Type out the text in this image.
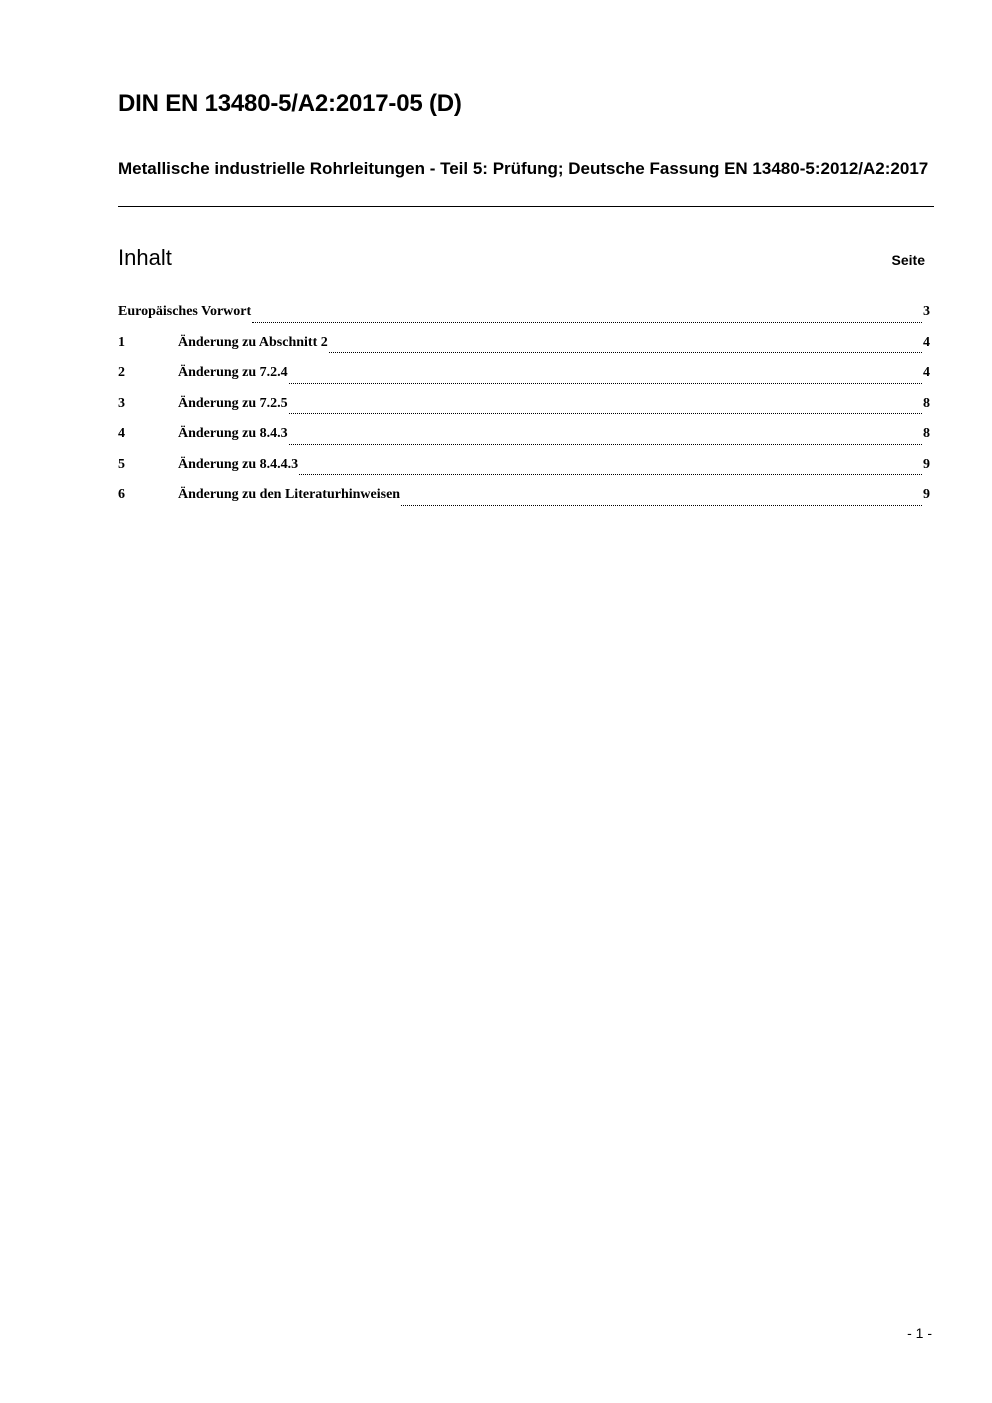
DIN EN 13480-5/A2:2017-05 (D)

Metallische industrielle Rohrleitungen - Teil 5: Prüfung; Deutsche Fassung EN 13480-5:2012/A2:2017

Inhalt	Seite
Europäisches Vorwort	3
1	Änderung zu Abschnitt 2	4
2	Änderung zu 7.2.4	4
3	Änderung zu 7.2.5	8
4	Änderung zu 8.4.3	8
5	Änderung zu 8.4.4.3	9
6	Änderung zu den Literaturhinweisen	9
- 1 -
